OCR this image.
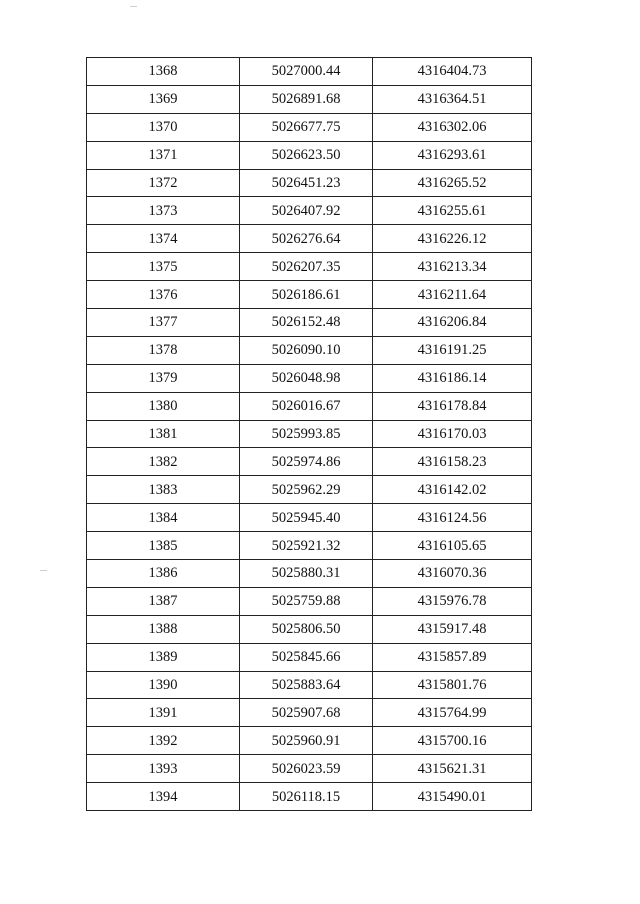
1368	5027000.44	4316404.73
1369	5026891.68	4316364.51
1370	5026677.75	4316302.06
1371	5026623.50	4316293.61
1372	5026451.23	4316265.52
1373	5026407.92	4316255.61
1374	5026276.64	4316226.12
1375	5026207.35	4316213.34
1376	5026186.61	4316211.64
1377	5026152.48	4316206.84
1378	5026090.10	4316191.25
1379	5026048.98	4316186.14
1380	5026016.67	4316178.84
1381	5025993.85	4316170.03
1382	5025974.86	4316158.23
1383	5025962.29	4316142.02
1384	5025945.40	4316124.56
1385	5025921.32	4316105.65
1386	5025880.31	4316070.36
1387	5025759.88	4315976.78
1388	5025806.50	4315917.48
1389	5025845.66	4315857.89
1390	5025883.64	4315801.76
1391	5025907.68	4315764.99
1392	5025960.91	4315700.16
1393	5026023.59	4315621.31
1394	5026118.15	4315490.01
